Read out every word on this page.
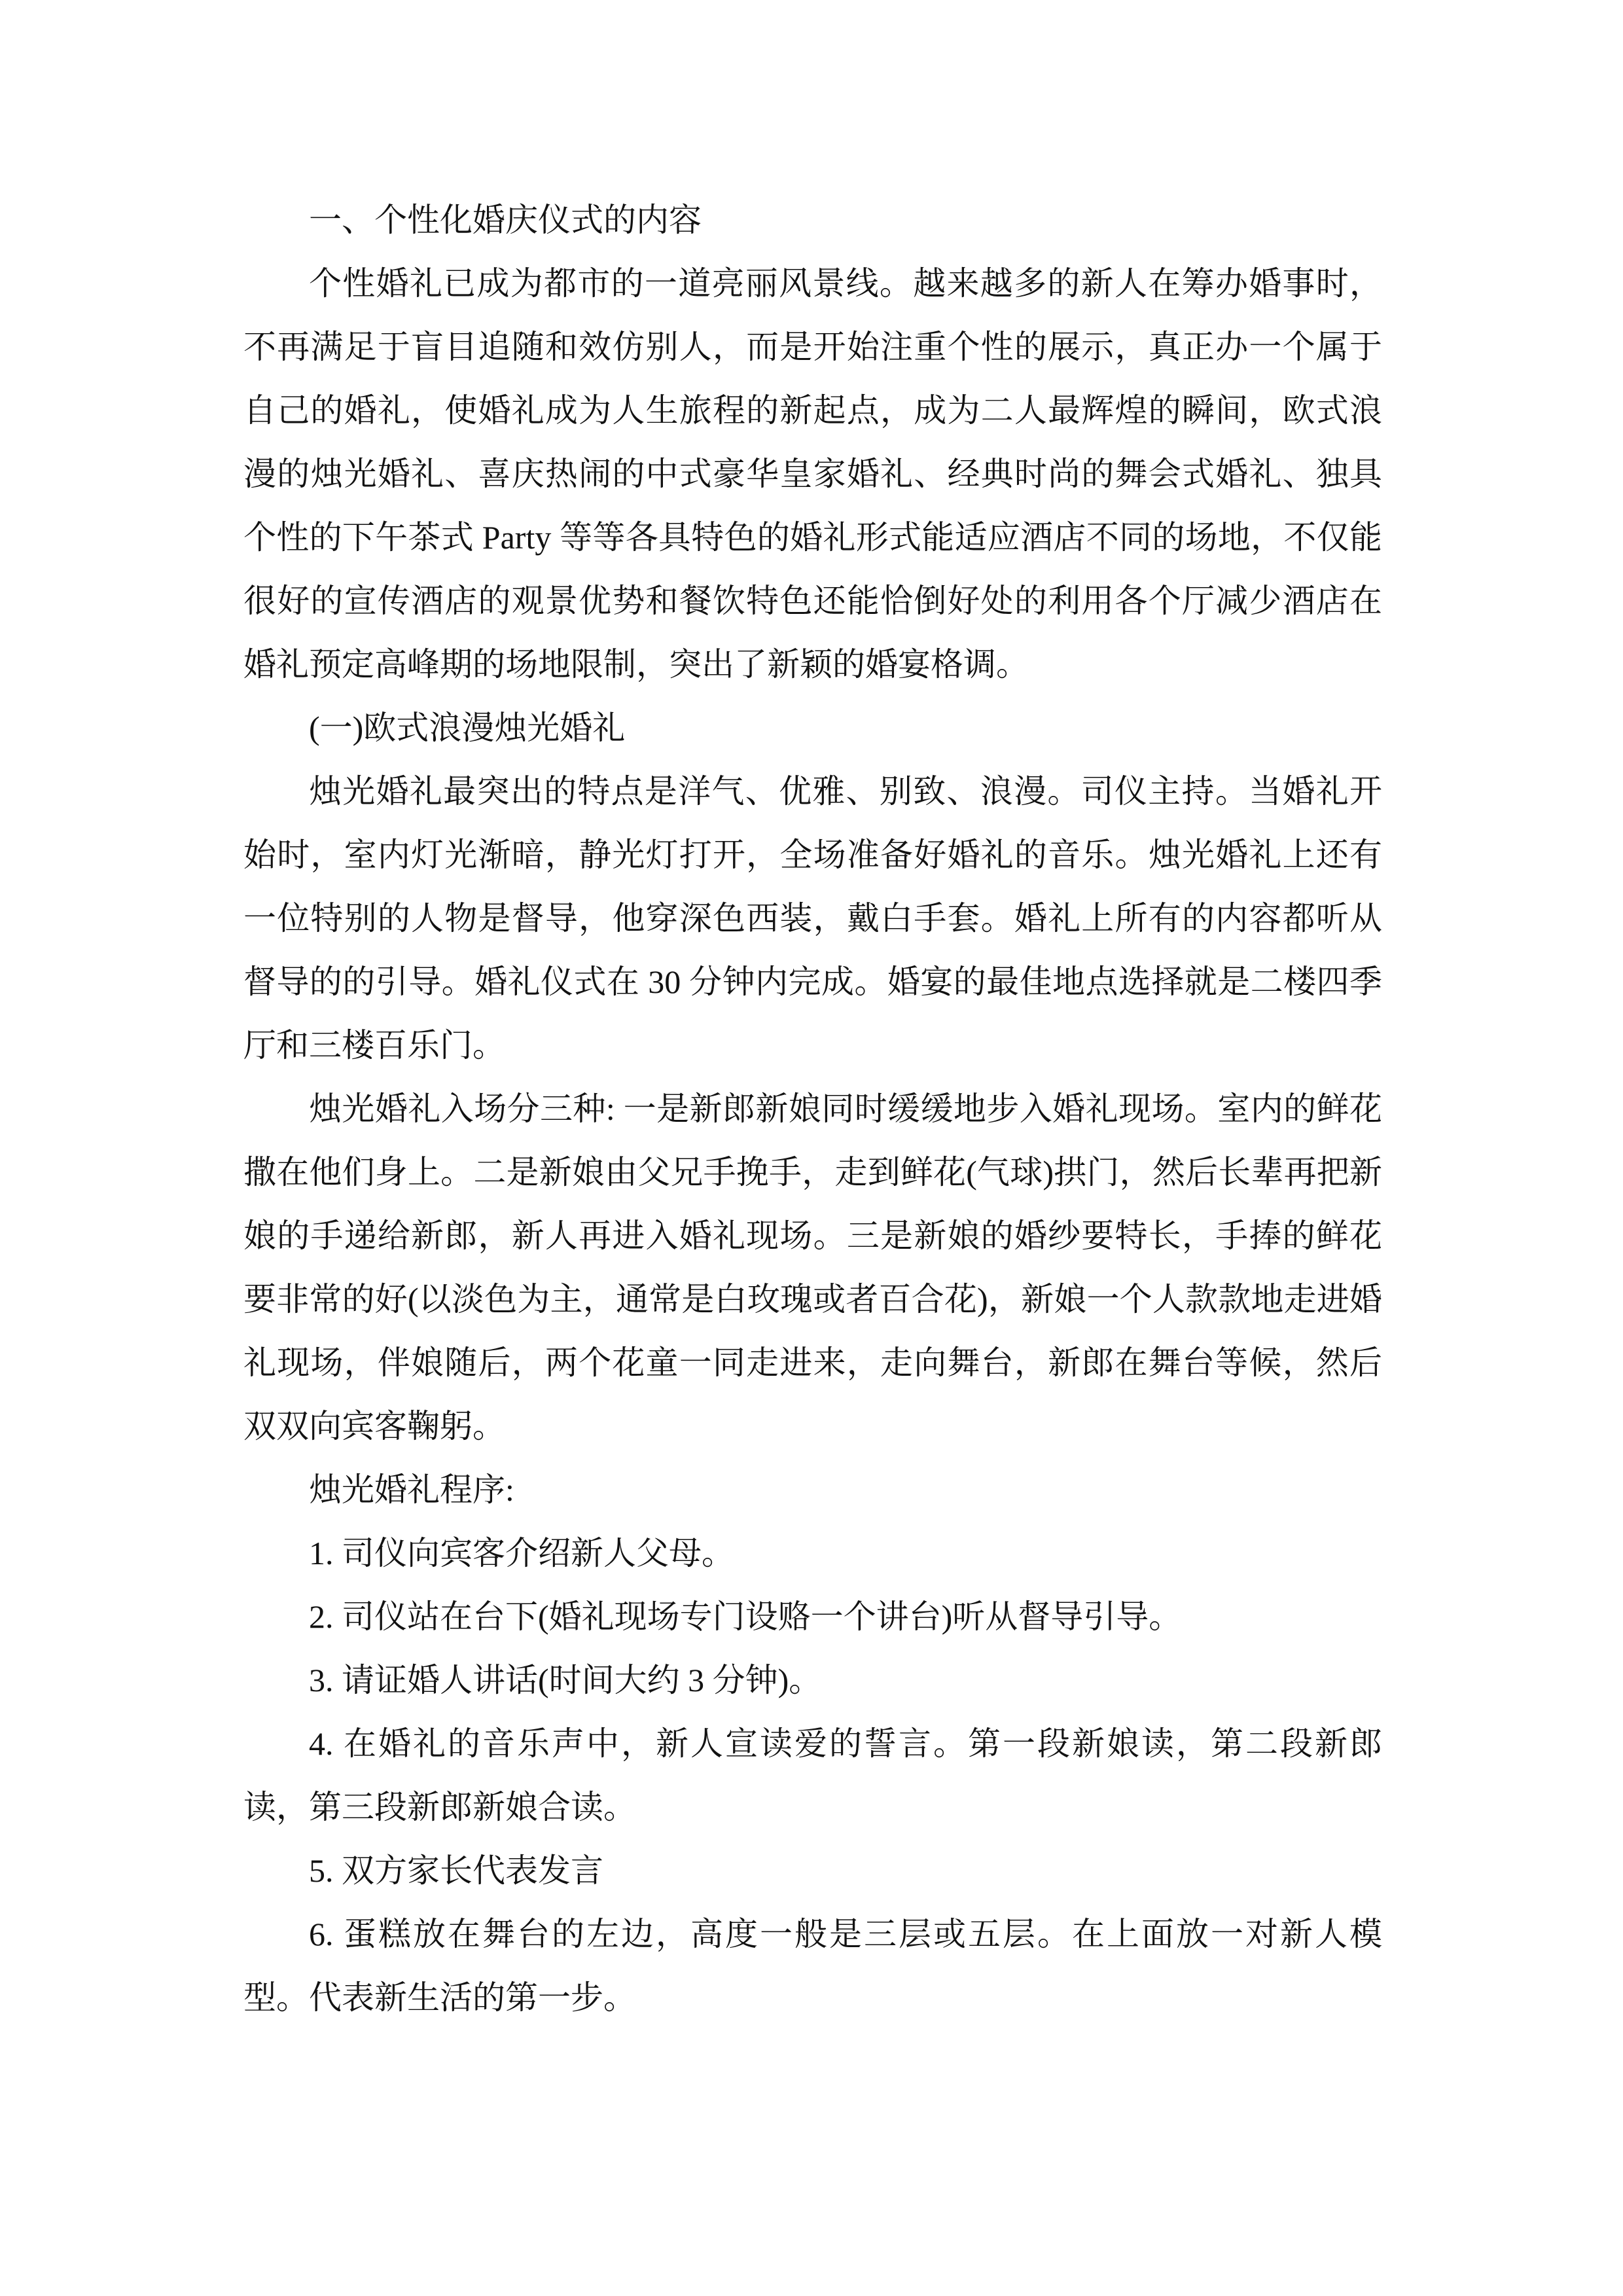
一、个性化婚庆仪式的内容

个性婚礼已成为都市的一道亮丽风景线。越来越多的新人在筹办婚事时，不再满足于盲目追随和效仿别人，而是开始注重个性的展示，真正办一个属于自己的婚礼，使婚礼成为人生旅程的新起点，成为二人最辉煌的瞬间，欧式浪漫的烛光婚礼、喜庆热闹的中式豪华皇家婚礼、经典时尚的舞会式婚礼、独具个性的下午茶式 Party 等等各具特色的婚礼形式能适应酒店不同的场地，不仅能很好的宣传酒店的观景优势和餐饮特色还能恰倒好处的利用各个厅减少酒店在婚礼预定高峰期的场地限制，突出了新颖的婚宴格调。

(一)欧式浪漫烛光婚礼

烛光婚礼最突出的特点是洋气、优雅、别致、浪漫。司仪主持。当婚礼开始时，室内灯光渐暗，静光灯打开，全场准备好婚礼的音乐。烛光婚礼上还有一位特别的人物是督导，他穿深色西装，戴白手套。婚礼上所有的内容都听从督导的的引导。婚礼仪式在 30 分钟内完成。婚宴的最佳地点选择就是二楼四季厅和三楼百乐门。

烛光婚礼入场分三种: 一是新郎新娘同时缓缓地步入婚礼现场。室内的鲜花撒在他们身上。二是新娘由父兄手挽手，走到鲜花(气球)拱门，然后长辈再把新娘的手递给新郎，新人再进入婚礼现场。三是新娘的婚纱要特长，手捧的鲜花要非常的好(以淡色为主，通常是白玫瑰或者百合花)，新娘一个人款款地走进婚礼现场，伴娘随后，两个花童一同走进来，走向舞台，新郎在舞台等候，然后双双向宾客鞠躬。

烛光婚礼程序:

1. 司仪向宾客介绍新人父母。

2. 司仪站在台下(婚礼现场专门设赂一个讲台)听从督导引导。

3. 请证婚人讲话(时间大约 3 分钟)。

4. 在婚礼的音乐声中，新人宣读爱的誓言。第一段新娘读，第二段新郎读，第三段新郎新娘合读。

5. 双方家长代表发言

6. 蛋糕放在舞台的左边，高度一般是三层或五层。在上面放一对新人模型。代表新生活的第一步。
